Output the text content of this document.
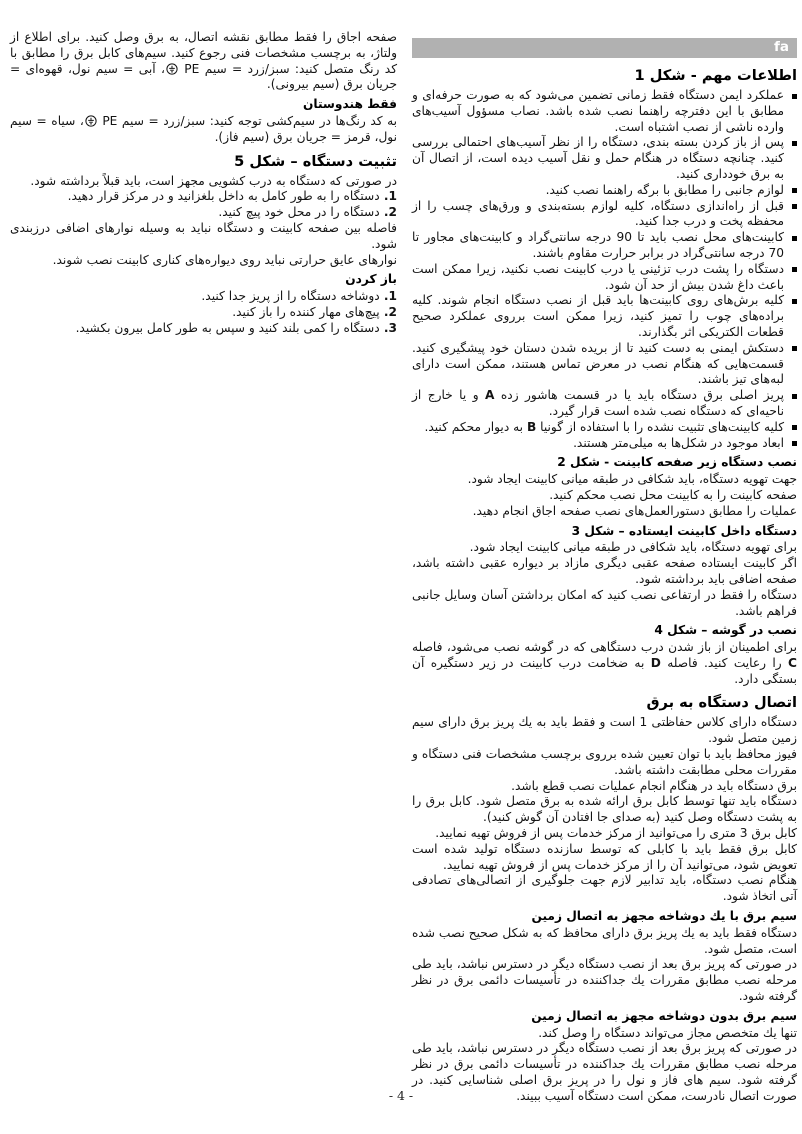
fa
اطلاعات مهم - شكل 1
عملكرد ايمن دستگاه فقط زمانى تضمين مى‌شود كه به صورت حرفه‌اى و مطابق با اين دفترچه راهنما نصب شده باشد. نصاب مسؤول آسيب‌هاى وارده ناشى از نصب اشتباه است.
پس از باز كردن بسته بندى، دستگاه را از نظر آسيب‌هاى احتمالى بررسى كنيد. چنانچه دستگاه در هنگام حمل و نقل آسيب ديده است، از اتصال آن به برق خوددارى كنيد.
لوازم جانبى را مطابق با برگه راهنما نصب كنيد.
قبل از راه‌اندازى دستگاه، كليه لوازم بسته‌بندى و ورق‌هاى چسب را از محفظه پخت و درب جدا كنيد.
كابينت‌هاى محل نصب بايد تا 90 درجه سانتى‌گراد و كابينت‌هاى مجاور تا 70 درجه سانتى‌گراد در برابر حرارت مقاوم باشند.
دستگاه را پشت درب تزئينى يا درب كابينت نصب نكنيد، زيرا ممكن است باعث داغ شدن بيش از حد آن شود.
كليه برش‌هاى روى كابينت‌ها بايد قبل از نصب دستگاه انجام شوند. كليه براده‌هاى چوب را تميز كنيد، زيرا ممكن است برروى عملكرد صحيح قطعات الكتريكى اثر بگذارند.
دستكش ايمنى به دست كنيد تا از بريده شدن دستان خود پيشگيرى كنيد. قسمت‌هايى كه هنگام نصب در معرض تماس هستند، ممكن است داراى لبه‌هاى تيز باشند.
پريز اصلى برق دستگاه بايد يا در قسمت هاشور زده A و يا خارج از ناحيه‌اى كه دستگاه نصب شده است قرار گيرد.
كليه كابينت‌هاى تثبيت نشده را با استفاده از گونيا B به ديوار محكم كنيد.
ابعاد موجود در شكل‌ها به ميلى‌متر هستند.
نصب دستگاه زير صفحه كابينت - شكل 2
جهت تهويه دستگاه، بايد شكافى در طبقه ميانى كابينت ايجاد شود.
صفحه كابينت را به كابينت محل نصب محكم كنيد.
عمليات را مطابق دستورالعمل‌هاى نصب صفحه اجاق انجام دهيد.
دستگاه داخل كابينت ايستاده – شكل 3
براى تهويه دستگاه، بايد شكافى در طبقه ميانى كابينت ايجاد شود.
اگر كابينت ايستاده صفحه عقبى ديگرى مازاد بر ديواره عقبى داشته باشد، صفحه اضافى بايد برداشته شود.
دستگاه را فقط در ارتفاعى نصب كنيد كه امكان برداشتن آسان وسايل جانبى فراهم باشد.
نصب در گوشه – شكل 4
براى اطمينان از باز شدن درب دستگاهى كه در گوشه نصب مى‌شود، فاصله C را رعايت كنيد. فاصله D به ضخامت درب كابينت در زير دستگيره آن بستگى دارد.
اتصال دستگاه به برق
دستگاه داراى كلاس حفاظتى 1 است و فقط بايد به يك پريز برق داراى سيم زمين متصل شود.
فيوز محافظ بايد با توان تعيين شده برروى برچسب مشخصات فنى دستگاه و مقررات محلى مطابقت داشته باشد.
برق دستگاه بايد در هنگام انجام عمليات نصب قطع باشد.
دستگاه بايد تنها توسط كابل برق ارائه شده به برق متصل شود. كابل برق را به پشت دستگاه وصل كنيد (به صداى جا افتادن آن گوش كنيد).
كابل برق 3 مترى را مى‌توانيد از مركز خدمات پس از فروش تهيه نماييد.
كابل برق فقط بايد با كابلى كه توسط سازنده دستگاه توليد شده است تعويض شود، مى‌توانيد آن را از مركز خدمات پس از فروش تهيه نماييد.
هنگام نصب دستگاه، بايد تدابير لازم جهت جلوگيرى از اتصالى‌هاى تصادفى آتى اتخاذ شود.
سيم برق با يك دوشاخه مجهز به اتصال زمين
دستگاه فقط بايد به يك پريز برق داراى محافظ كه به شكل صحيح نصب شده است، متصل شود.
در صورتى كه پريز برق بعد از نصب دستگاه ديگر در دسترس نباشد، بايد طى مرحله نصب مطابق مقررات يك جداكننده در تأسيسات دائمى برق در نظر گرفته شود.
سيم برق بدون دوشاخه مجهز به اتصال زمين
تنها يك متخصص مجاز مى‌تواند دستگاه را وصل كند.
در صورتى كه پريز برق بعد از نصب دستگاه ديگر در دسترس نباشد، بايد طى مرحله نصب مطابق مقررات يك جداكننده در تأسيسات دائمى برق در نظر گرفته شود. سيم هاى فاز و نول را در پريز برق اصلى شناسايى كنيد. در صورت اتصال نادرست، ممكن است دستگاه آسيب ببيند.
صفحه اجاق را فقط مطابق نقشه اتصال، به برق وصل كنيد. براى اطلاع از ولتاژ، به برچسب مشخصات فنى رجوع كنيد. سيم‌هاى كابل برق را مطابق با كد رنگ متصل كنيد: سبز/زرد = سيم PE ، آبى = سيم نول، قهوه‌اى = جريان برق (سيم بيرونى).
فقط هندوستان
به كد رنگ‌ها در سيم‌كشى توجه كنيد: سبز/زرد = سيم PE ، سياه = سيم نول، قرمز = جريان برق (سيم فاز).
تثبيت دستگاه – شكل 5
در صورتى كه دستگاه به درب كشويى مجهز است، بايد قبلاً برداشته شود.
1. دستگاه را به طور كامل به داخل بلغزانيد و در مركز قرار دهيد.
2. دستگاه را در محل خود پيچ كنيد.
فاصله بين صفحه كابينت و دستگاه نبايد به وسيله نوارهاى اضافى درزبندى شود.
نوارهاى عايق حرارتى نبايد روى ديواره‌هاى كنارى كابينت نصب شوند.
باز كردن
1. دوشاخه دستگاه را از پريز جدا كنيد.
2. پيچ‌هاى مهار كننده را باز كنيد.
3. دستگاه را كمى بلند كنيد و سپس به طور كامل بيرون بكشيد.
- 4 -
